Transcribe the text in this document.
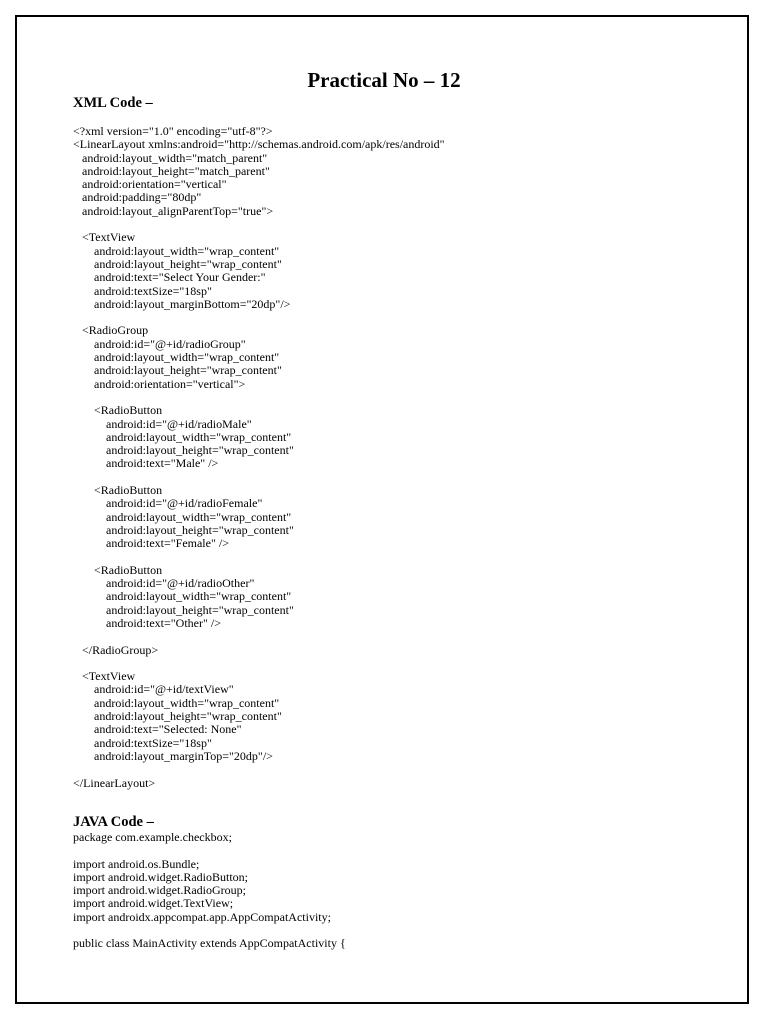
Practical No – 12
XML Code –
<?xml version="1.0" encoding="utf-8"?>
<LinearLayout xmlns:android="http://schemas.android.com/apk/res/android"
android:layout_width="match_parent"
android:layout_height="match_parent"
android:orientation="vertical"
android:padding="80dp"
android:layout_alignParentTop="true">
<TextView
android:layout_width="wrap_content"
android:layout_height="wrap_content"
android:text="Select Your Gender:"
android:textSize="18sp"
android:layout_marginBottom="20dp"/>
<RadioGroup
android:id="@+id/radioGroup"
android:layout_width="wrap_content"
android:layout_height="wrap_content"
android:orientation="vertical">
<RadioButton
android:id="@+id/radioMale"
android:layout_width="wrap_content"
android:layout_height="wrap_content"
android:text="Male" />
<RadioButton
android:id="@+id/radioFemale"
android:layout_width="wrap_content"
android:layout_height="wrap_content"
android:text="Female" />
<RadioButton
android:id="@+id/radioOther"
android:layout_width="wrap_content"
android:layout_height="wrap_content"
android:text="Other" />
</RadioGroup>
<TextView
android:id="@+id/textView"
android:layout_width="wrap_content"
android:layout_height="wrap_content"
android:text="Selected: None"
android:textSize="18sp"
android:layout_marginTop="20dp"/>
</LinearLayout>
JAVA Code –
package com.example.checkbox;
import android.os.Bundle;
import android.widget.RadioButton;
import android.widget.RadioGroup;
import android.widget.TextView;
import androidx.appcompat.app.AppCompatActivity;
public class MainActivity extends AppCompatActivity {
